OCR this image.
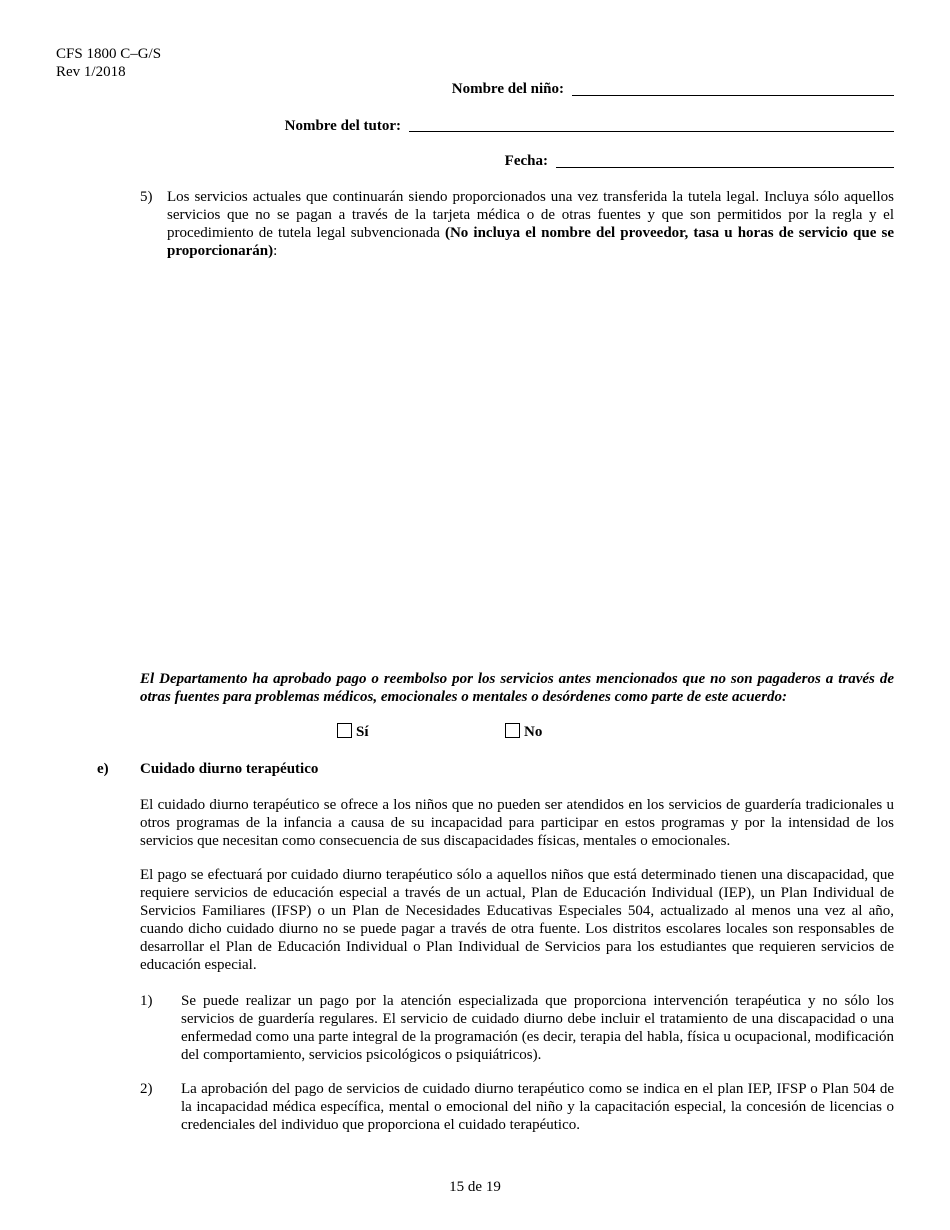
CFS 1800 C–G/S
Rev 1/2018
Nombre del niño:
Nombre del tutor:
Fecha:
5) Los servicios actuales que continuarán siendo proporcionados una vez transferida la tutela legal. Incluya sólo aquellos servicios que no se pagan a través de la tarjeta médica o de otras fuentes y que son permitidos por la regla y el procedimiento de tutela legal subvencionada (No incluya el nombre del proveedor, tasa u horas de servicio que se proporcionarán):
El Departamento ha aprobado pago o reembolso por los servicios antes mencionados que no son pagaderos a través de otras fuentes para problemas médicos, emocionales o mentales o desórdenes como parte de este acuerdo:
Sí	No
e) Cuidado diurno terapéutico
El cuidado diurno terapéutico se ofrece a los niños que no pueden ser atendidos en los servicios de guardería tradicionales u otros programas de la infancia a causa de su incapacidad para participar en estos programas y por la intensidad de los servicios que necesitan como consecuencia de sus discapacidades físicas, mentales o emocionales.
El pago se efectuará por cuidado diurno terapéutico sólo a aquellos niños que está determinado tienen una discapacidad, que requiere servicios de educación especial a través de un actual, Plan de Educación Individual (IEP), un Plan Individual de Servicios Familiares (IFSP) o un Plan de Necesidades Educativas Especiales 504, actualizado al menos una vez al año, cuando dicho cuidado diurno no se puede pagar a través de otra fuente. Los distritos escolares locales son responsables de desarrollar el Plan de Educación Individual o Plan Individual de Servicios para los estudiantes que requieren servicios de educación especial.
1) Se puede realizar un pago por la atención especializada que proporciona intervención terapéutica y no sólo los servicios de guardería regulares. El servicio de cuidado diurno debe incluir el tratamiento de una discapacidad o una enfermedad como una parte integral de la programación (es decir, terapia del habla, física u ocupacional, modificación del comportamiento, servicios psicológicos o psiquiátricos).
2) La aprobación del pago de servicios de cuidado diurno terapéutico como se indica en el plan IEP, IFSP o Plan 504 de la incapacidad médica específica, mental o emocional del niño y la capacitación especial, la concesión de licencias o credenciales del individuo que proporciona el cuidado terapéutico.
15 de 19
